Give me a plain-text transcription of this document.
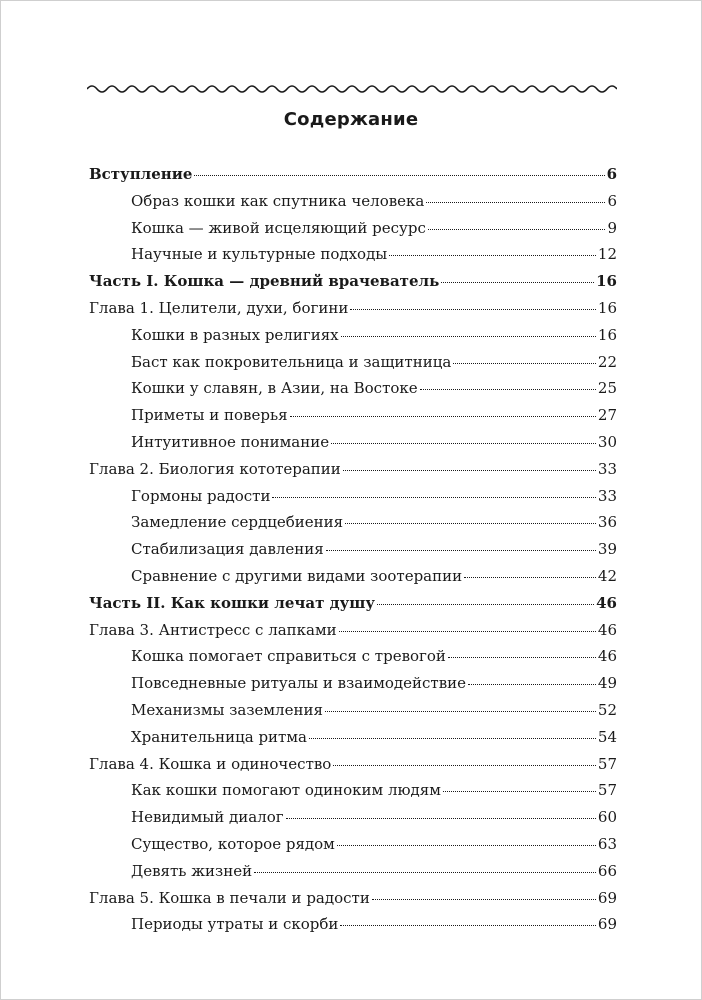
Содержание
Вступление	6
Образ кошки как спутника человека	6
Кошка — живой исцеляющий ресурс	9
Научные и культурные подходы	12
Часть I. Кошка — древний врачеватель	16
Глава 1. Целители, духи, богини	16
Кошки в разных религиях	16
Баст как покровительница и защитница	22
Кошки у славян, в Азии, на Востоке	25
Приметы и поверья	27
Интуитивное понимание	30
Глава 2. Биология кототерапии	33
Гормоны радости	33
Замедление сердцебиения	36
Стабилизация давления	39
Сравнение с другими видами зоотерапии	42
Часть II. Как кошки лечат душу	46
Глава 3. Антистресс с лапками	46
Кошка помогает справиться с тревогой	46
Повседневные ритуалы и взаимодействие	49
Механизмы заземления	52
Хранительница ритма	54
Глава 4. Кошка и одиночество	57
Как кошки помогают одиноким людям	57
Невидимый диалог	60
Существо, которое рядом	63
Девять жизней	66
Глава 5. Кошка в печали и радости	69
Периоды утраты и скорби	69
